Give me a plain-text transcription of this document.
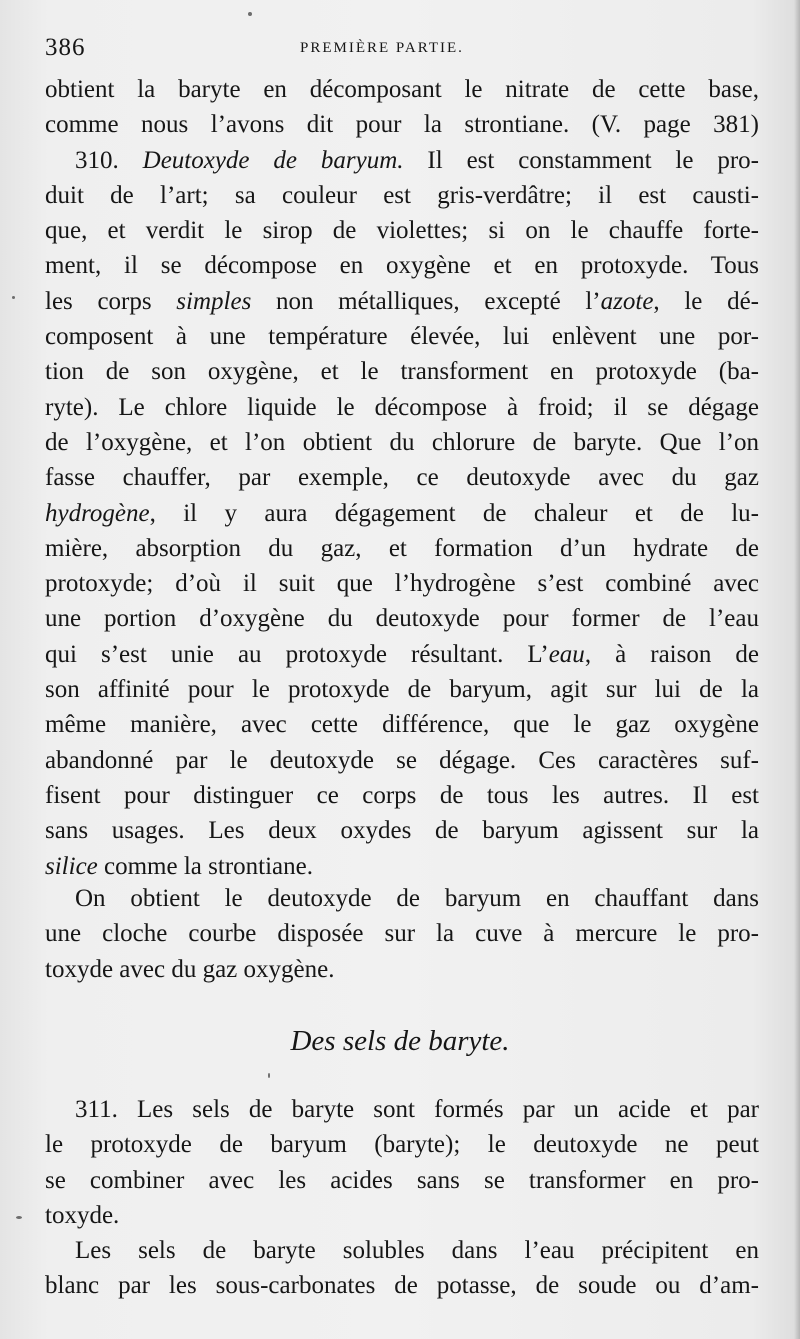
386	PREMIÈRE PARTIE.
obtient la baryte en décomposant le nitrate de cette base,
comme nous l’avons dit pour la strontiane. (V. page 381)
310. Deutoxyde de baryum. Il est constamment le pro-
duit de l’art; sa couleur est gris-verdâtre; il est causti-
que, et verdit le sirop de violettes; si on le chauffe forte-
ment, il se décompose en oxygène et en protoxyde. Tous
les corps simples non métalliques, excepté l’azote, le dé-
composent à une température élevée, lui enlèvent une por-
tion de son oxygène, et le transforment en protoxyde (ba-
ryte). Le chlore liquide le décompose à froid; il se dégage
de l’oxygène, et l’on obtient du chlorure de baryte. Que l’on
fasse chauffer, par exemple, ce deutoxyde avec du gaz
hydrogène, il y aura dégagement de chaleur et de lu-
mière, absorption du gaz, et formation d’un hydrate de
protoxyde; d’où il suit que l’hydrogène s’est combiné avec
une portion d’oxygène du deutoxyde pour former de l’eau
qui s’est unie au protoxyde résultant. L’eau, à raison de
son affinité pour le protoxyde de baryum, agit sur lui de la
même manière, avec cette différence, que le gaz oxygène
abandonné par le deutoxyde se dégage. Ces caractères suf-
fisent pour distinguer ce corps de tous les autres. Il est
sans usages. Les deux oxydes de baryum agissent sur la
silice comme la strontiane.
On obtient le deutoxyde de baryum en chauffant dans
une cloche courbe disposée sur la cuve à mercure le pro-
toxyde avec du gaz oxygène.
Des sels de baryte.
311. Les sels de baryte sont formés par un acide et par
le protoxyde de baryum (baryte); le deutoxyde ne peut
se combiner avec les acides sans se transformer en pro-
toxyde.
Les sels de baryte solubles dans l’eau précipitent en
blanc par les sous-carbonates de potasse, de soude ou d’am-
